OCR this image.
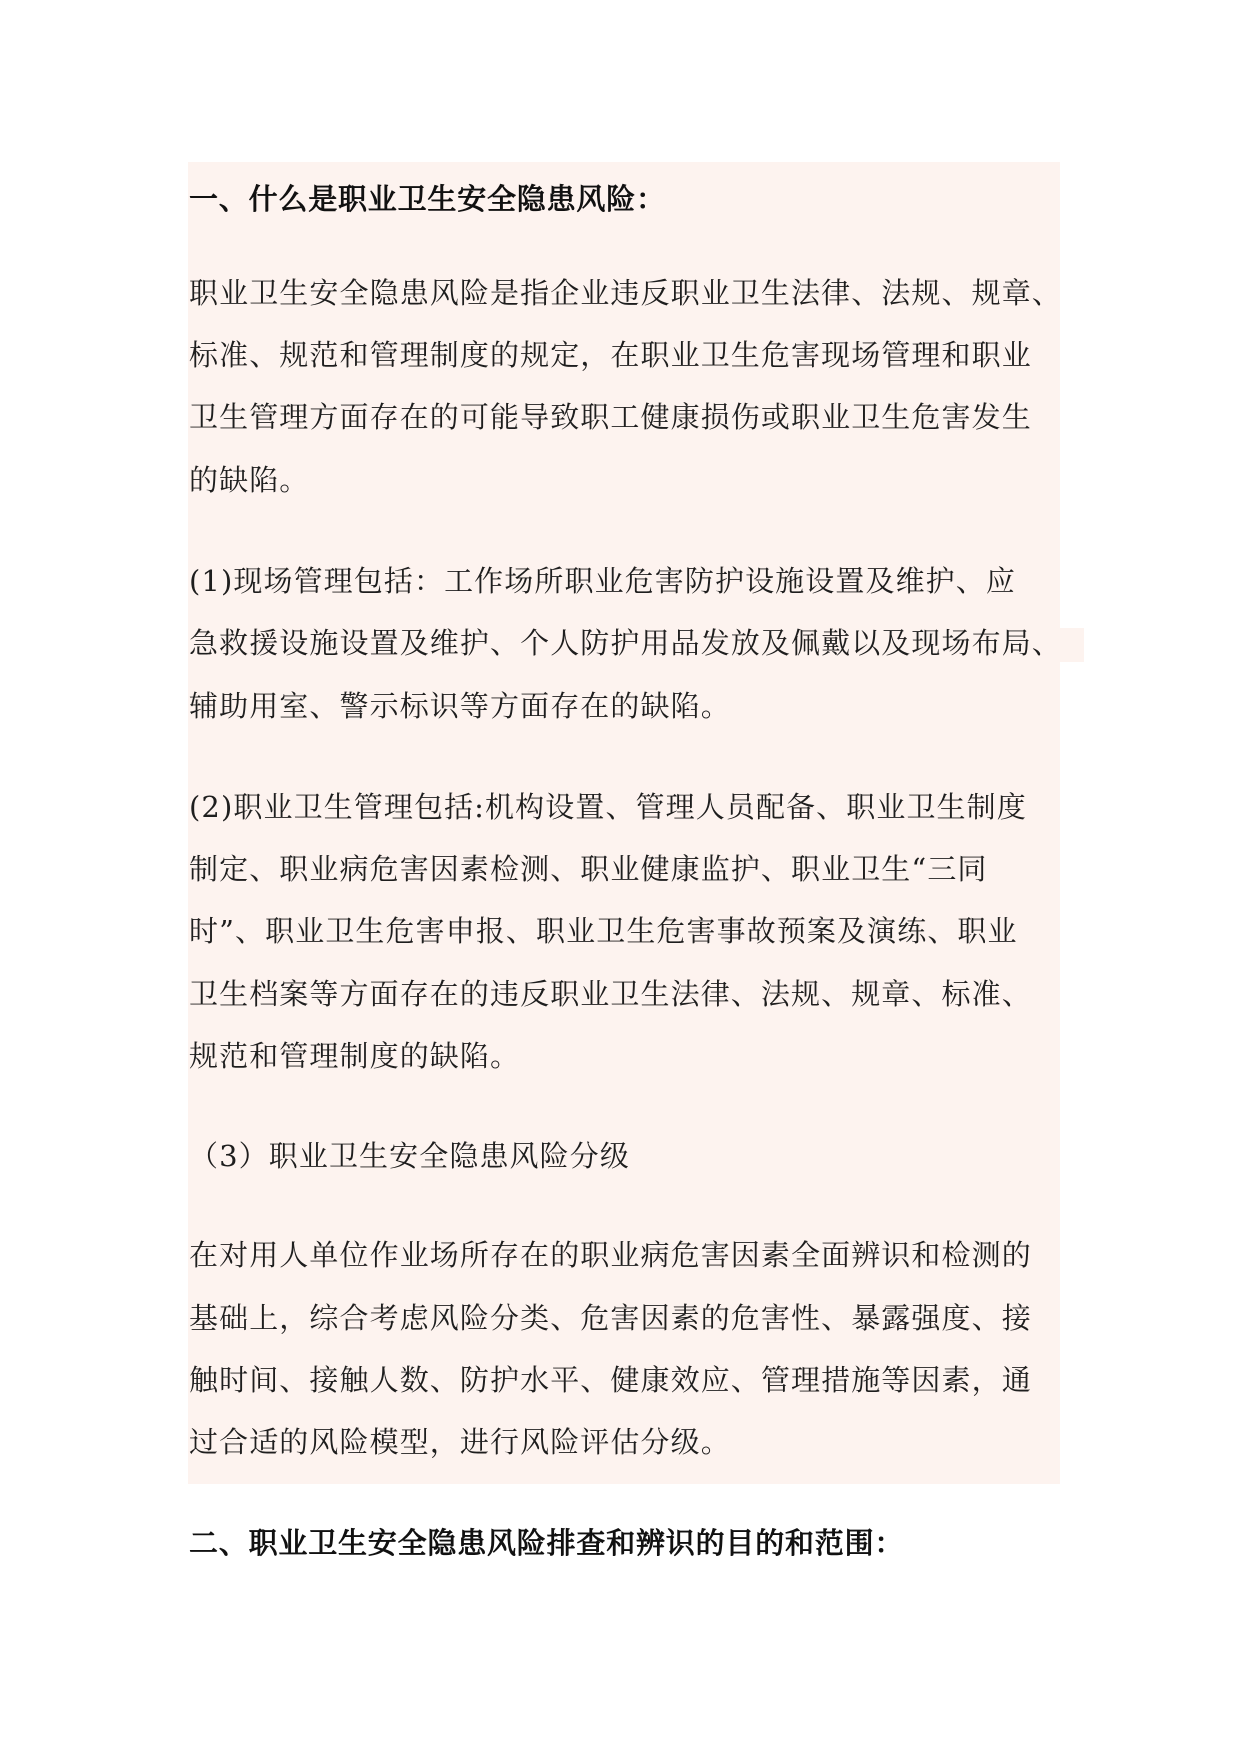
一、什么是职业卫生安全隐患风险：
职业卫生安全隐患风险是指企业违反职业卫生法律、法规、规章、
标准、规范和管理制度的规定，在职业卫生危害现场管理和职业
卫生管理方面存在的可能导致职工健康损伤或职业卫生危害发生
的缺陷。
(1)现场管理包括：工作场所职业危害防护设施设置及维护、应
急救援设施设置及维护、个人防护用品发放及佩戴以及现场布局、
辅助用室、警示标识等方面存在的缺陷。
(2)职业卫生管理包括:机构设置、管理人员配备、职业卫生制度
制定、职业病危害因素检测、职业健康监护、职业卫生“三同
时”、职业卫生危害申报、职业卫生危害事故预案及演练、职业
卫生档案等方面存在的违反职业卫生法律、法规、规章、标准、
规范和管理制度的缺陷。
（3）职业卫生安全隐患风险分级
在对用人单位作业场所存在的职业病危害因素全面辨识和检测的
基础上，综合考虑风险分类、危害因素的危害性、暴露强度、接
触时间、接触人数、防护水平、健康效应、管理措施等因素，通
过合适的风险模型，进行风险评估分级。
二、职业卫生安全隐患风险排查和辨识的目的和范围：
